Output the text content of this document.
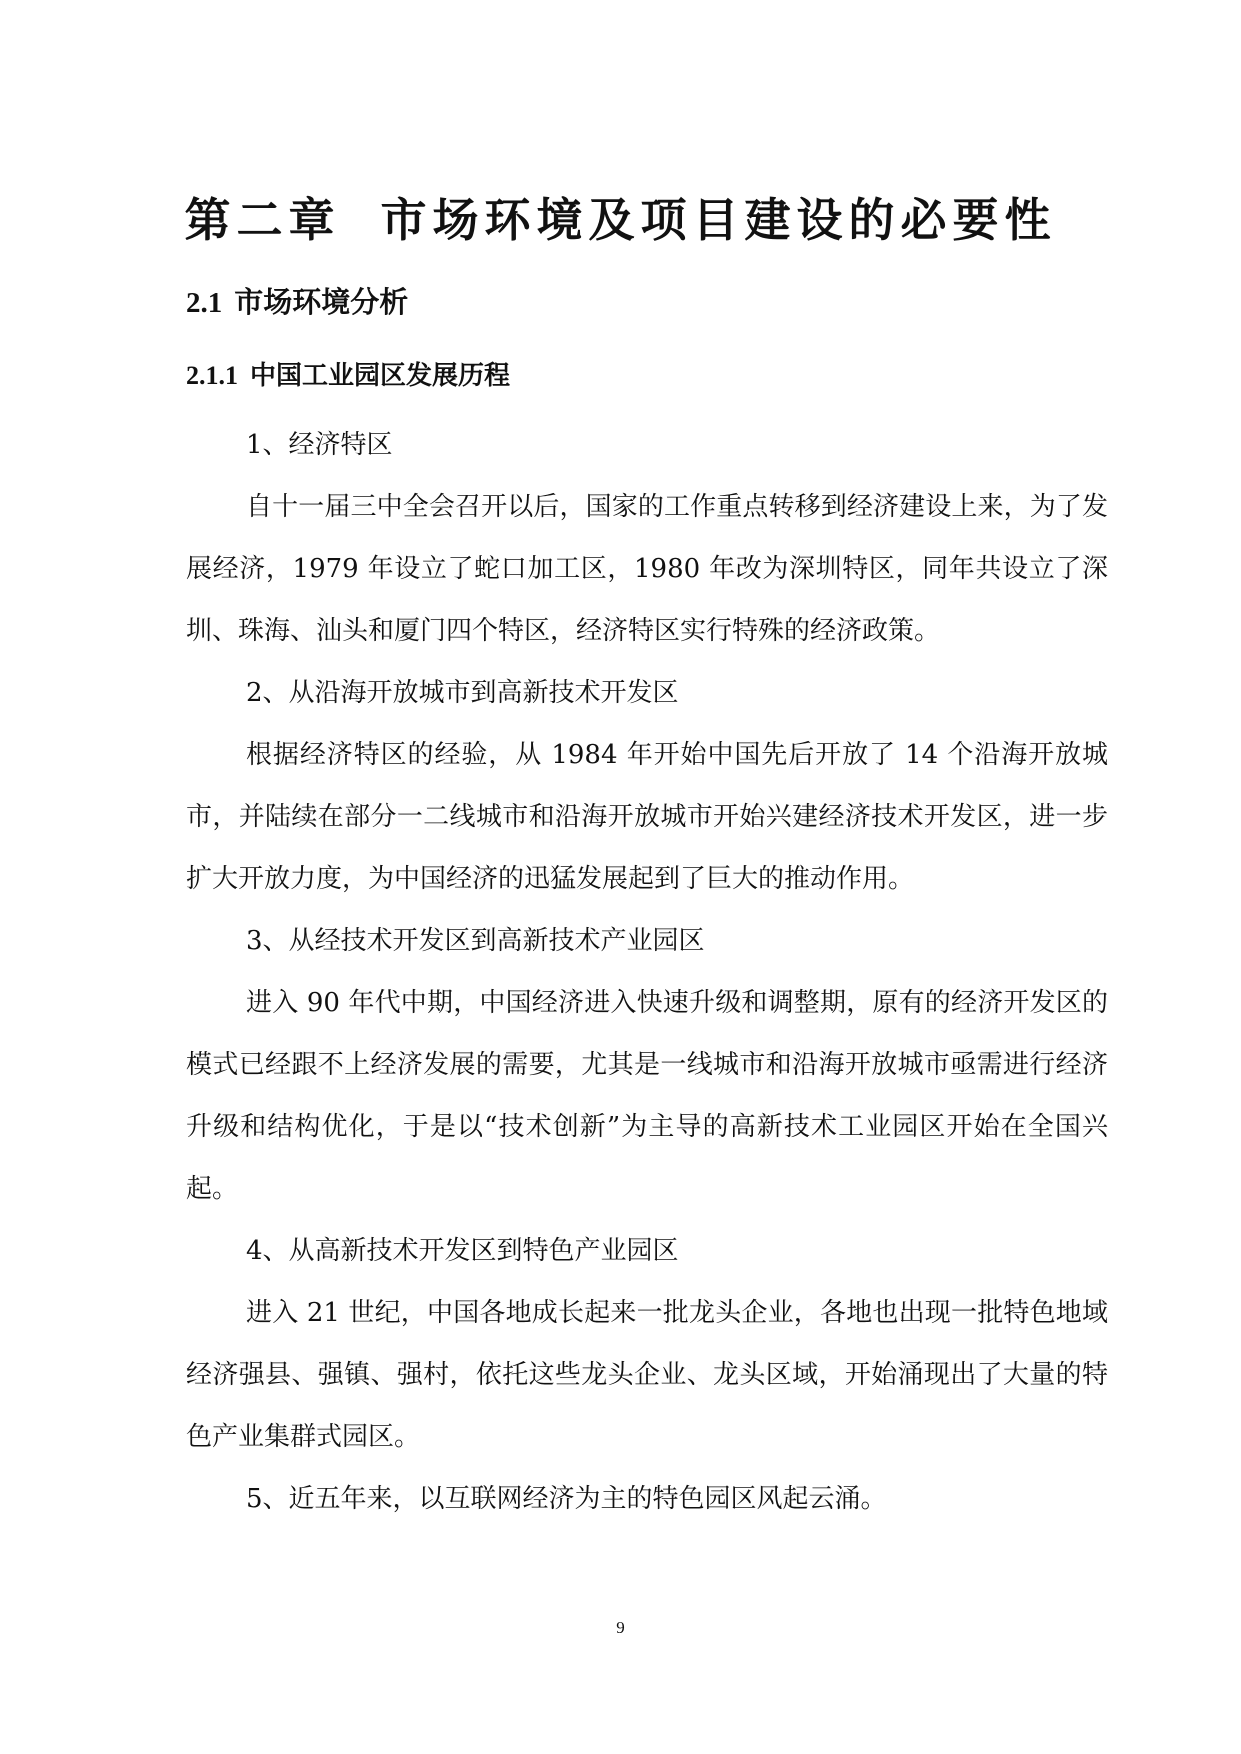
第二章 市场环境及项目建设的必要性
2.1 市场环境分析
2.1.1 中国工业园区发展历程

1、经济特区

自十一届三中全会召开以后，国家的工作重点转移到经济建设上来，为了发展经济，1979 年设立了蛇口加工区，1980 年改为深圳特区，同年共设立了深圳、珠海、汕头和厦门四个特区，经济特区实行特殊的经济政策。

2、从沿海开放城市到高新技术开发区

根据经济特区的经验，从 1984 年开始中国先后开放了 14 个沿海开放城市，并陆续在部分一二线城市和沿海开放城市开始兴建经济技术开发区，进一步扩大开放力度，为中国经济的迅猛发展起到了巨大的推动作用。

3、从经技术开发区到高新技术产业园区

进入 90 年代中期，中国经济进入快速升级和调整期，原有的经济开发区的模式已经跟不上经济发展的需要，尤其是一线城市和沿海开放城市亟需进行经济升级和结构优化，于是以“技术创新”为主导的高新技术工业园区开始在全国兴起。

4、从高新技术开发区到特色产业园区

进入 21 世纪，中国各地成长起来一批龙头企业，各地也出现一批特色地域经济强县、强镇、强村，依托这些龙头企业、龙头区域，开始涌现出了大量的特色产业集群式园区。

5、近五年来，以互联网经济为主的特色园区风起云涌。

9
